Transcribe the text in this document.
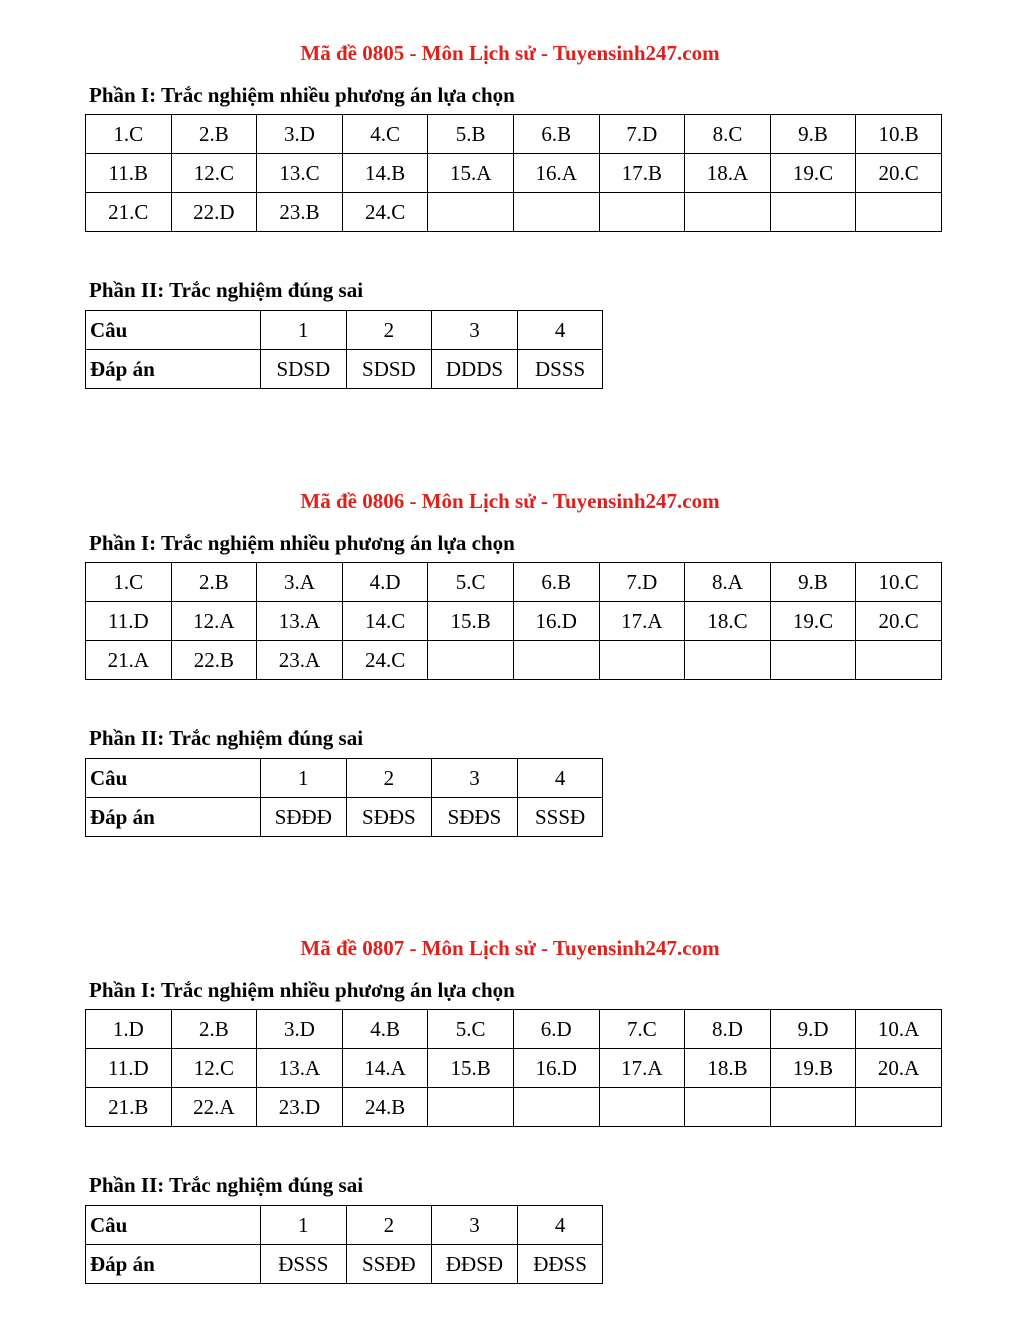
Mã đề 0805 - Môn Lịch sử - Tuyensinh247.com
Phần I: Trắc nghiệm nhiều phương án lựa chọn
1.C	2.B	3.D	4.C	5.B	6.B	7.D	8.C	9.B	10.B
11.B	12.C	13.C	14.B	15.A	16.A	17.B	18.A	19.C	20.C
21.C	22.D	23.B	24.C						
Phần II: Trắc nghiệm đúng sai
Câu	1	2	3	4
Đáp án	SDSD	SDSD	DDDS	DSSS
Mã đề 0806 - Môn Lịch sử - Tuyensinh247.com
Phần I: Trắc nghiệm nhiều phương án lựa chọn
1.C	2.B	3.A	4.D	5.C	6.B	7.D	8.A	9.B	10.C
11.D	12.A	13.A	14.C	15.B	16.D	17.A	18.C	19.C	20.C
21.A	22.B	23.A	24.C						
Phần II: Trắc nghiệm đúng sai
Câu	1	2	3	4
Đáp án	SĐĐĐ	SĐĐS	SĐĐS	SSSĐ
Mã đề 0807 - Môn Lịch sử - Tuyensinh247.com
Phần I: Trắc nghiệm nhiều phương án lựa chọn
1.D	2.B	3.D	4.B	5.C	6.D	7.C	8.D	9.D	10.A
11.D	12.C	13.A	14.A	15.B	16.D	17.A	18.B	19.B	20.A
21.B	22.A	23.D	24.B						
Phần II: Trắc nghiệm đúng sai
Câu	1	2	3	4
Đáp án	ĐSSS	SSĐĐ	ĐĐSĐ	ĐĐSS
